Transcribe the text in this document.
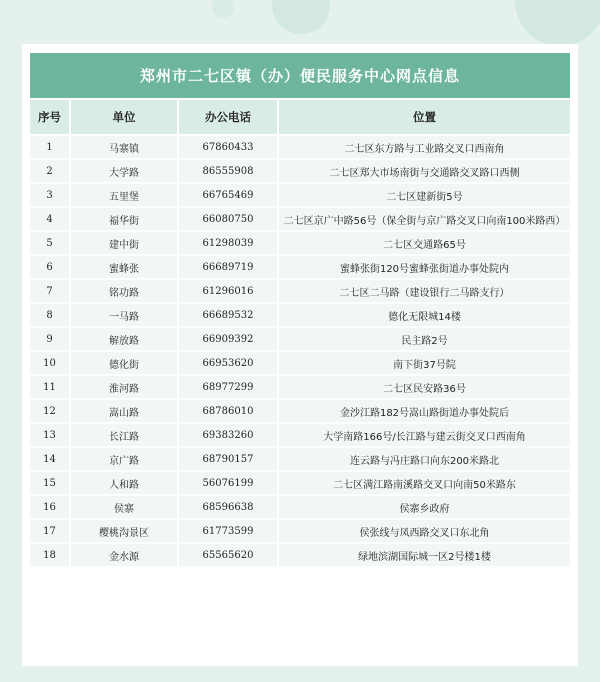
郑州市二七区镇（办）便民服务中心网点信息
序号	单位	办公电话	位置
1	马寨镇	67860433	二七区东方路与工业路交叉口西南角
2	大学路	86555908	二七区郑大市场南街与交通路交叉路口西侧
3	五里堡	66765469	二七区建新街5号
4	福华街	66080750	二七区京广中路56号（保全街与京广路交叉口向南100米路西）
5	建中街	61298039	二七区交通路65号
6	蜜蜂张	66689719	蜜蜂张街120号蜜蜂张街道办事处院内
7	铭功路	61296016	二七区二马路（建设银行二马路支行）
8	一马路	66689532	德化无限城14楼
9	解放路	66909392	民主路2号
10	德化街	66953620	南下街37号院
11	淮河路	68977299	二七区民安路36号
12	嵩山路	68786010	金沙江路182号嵩山路街道办事处院后
13	长江路	69383260	大学南路166号/长江路与建云街交叉口西南角
14	京广路	68790157	连云路与冯庄路口向东200米路北
15	人和路	56076199	二七区满江路南溪路交叉口向南50米路东
16	侯寨	68596638	侯寨乡政府
17	樱桃沟景区	61773599	侯张线与凤西路交叉口东北角
18	金水源	65565620	绿地滨湖国际城一区2号楼1楼
